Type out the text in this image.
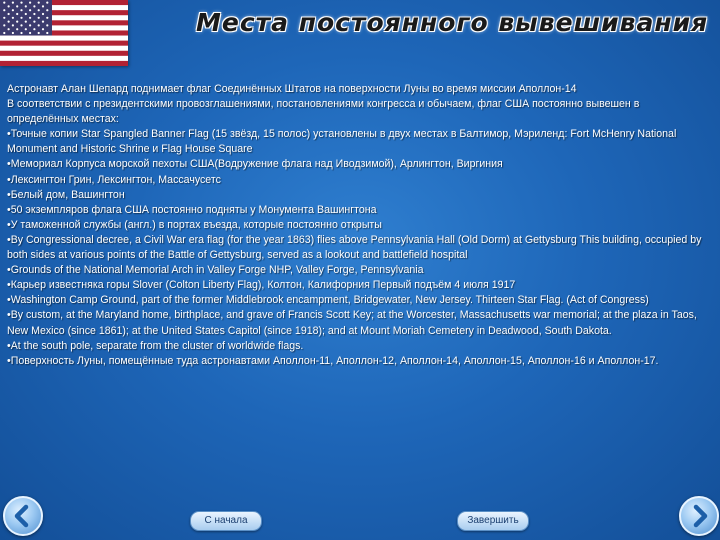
Места постоянного вывешивания

Астронавт Алан Шепард поднимает флаг Соединённых Штатов на поверхности Луны во время миссии Аполлон-14

В соответствии с президентскими провозглашениями, постановлениями конгресса и обычаем, флаг США постоянно вывешен в определённых местах:

•Точные копии Star Spangled Banner Flag (15 звёзд, 15 полос) установлены в двух местах в Балтимор, Мэриленд: Fort McHenry National Monument and Historic Shrine и Flag House Square

•Мемориал Корпуса морской пехоты США(Водружение флага над Иводзимой), Арлингтон, Виргиния

•Лексингтон Грин, Лексингтон, Массачусетс

•Белый дом, Вашингтон

•50 экземпляров флага США постоянно подняты у Монумента Вашингтона

•У таможенной службы (англ.) в портах въезда, которые постоянно открыты

•By Congressional decree, a Civil War era flag (for the year 1863) flies above Pennsylvania Hall (Old Dorm) at Gettysburg This building, occupied by both sides at various points of the Battle of Gettysburg, served as a lookout and battlefield hospital

•Grounds of the National Memorial Arch in Valley Forge NHP, Valley Forge, Pennsylvania

•Карьер известняка горы Slover (Colton Liberty Flag), Колтон, Калифорния Первый подъём 4 июля 1917

•Washington Camp Ground, part of the former Middlebrook encampment, Bridgewater, New Jersey. Thirteen Star Flag. (Act of Congress)

•By custom, at the Maryland home, birthplace, and grave of Francis Scott Key; at the Worcester, Massachusetts war memorial; at the plaza in Taos, New Mexico (since 1861); at the United States Capitol (since 1918); and at Mount Moriah Cemetery in Deadwood, South Dakota.

•At the south pole, separate from the cluster of worldwide flags.

•Поверхность Луны, помещённые туда астронавтами Аполлон-11, Аполлон-12, Аполлон-14, Аполлон-15, Аполлон-16 и Аполлон-17.

С начала	Завершить
